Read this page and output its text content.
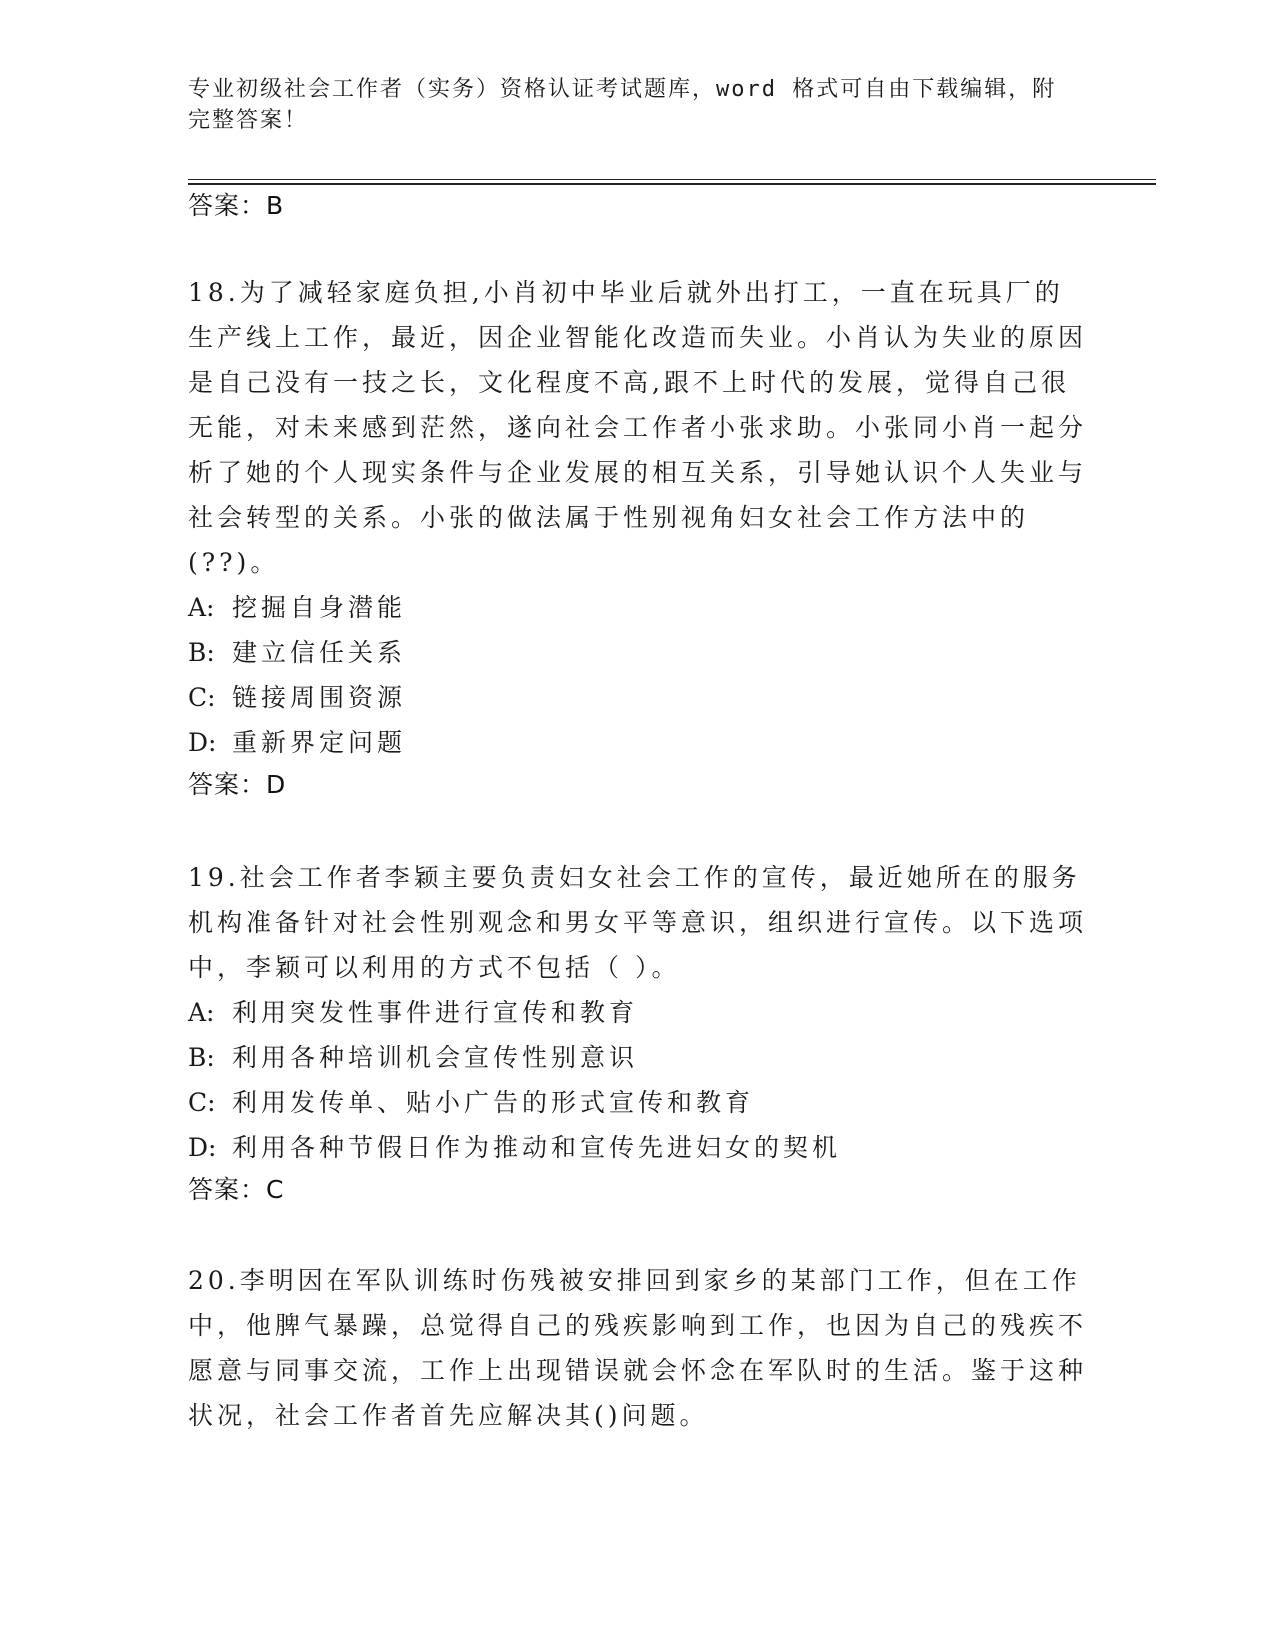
专业初级社会工作者（实务）资格认证考试题库，word 格式可自由下载编辑，附完整答案！
答案：B

18.为了减轻家庭负担,小肖初中毕业后就外出打工，一直在玩具厂的生产线上工作，最近，因企业智能化改造而失业。小肖认为失业的原因是自己没有一技之长，文化程度不高,跟不上时代的发展，觉得自己很无能，对未来感到茫然，遂向社会工作者小张求助。小张同小肖一起分析了她的个人现实条件与企业发展的相互关系，引导她认识个人失业与社会转型的关系。小张的做法属于性别视角妇女社会工作方法中的(??)。

A: 挖掘自身潜能
B: 建立信任关系
C: 链接周围资源
D: 重新界定问题
答案：D

19.社会工作者李颖主要负责妇女社会工作的宣传，最近她所在的服务机构准备针对社会性别观念和男女平等意识，组织进行宣传。以下选项中，李颖可以利用的方式不包括（ ）。

A: 利用突发性事件进行宣传和教育
B: 利用各种培训机会宣传性别意识
C: 利用发传单、贴小广告的形式宣传和教育
D: 利用各种节假日作为推动和宣传先进妇女的契机
答案：C

20.李明因在军队训练时伤残被安排回到家乡的某部门工作，但在工作中，他脾气暴躁，总觉得自己的残疾影响到工作，也因为自己的残疾不愿意与同事交流，工作上出现错误就会怀念在军队时的生活。鉴于这种状况，社会工作者首先应解决其()问题。
